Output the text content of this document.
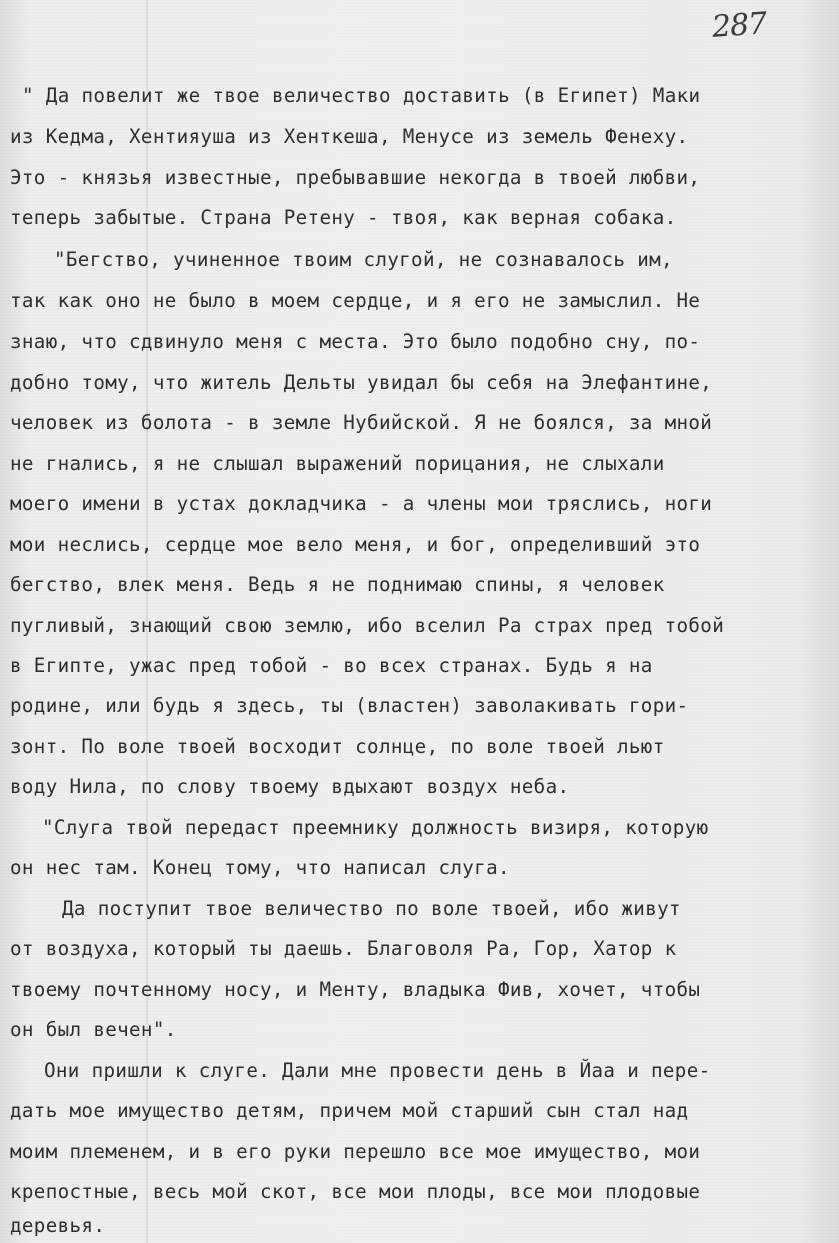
287
" Да повелит же твое величество доставить (в Египет) Маки
из Кедма, Хентияуша из Хенткеша, Менусе из земель Фенеху.
Это - князья известные, пребывавшие некогда в твоей любви,
теперь забытые. Страна Ретену - твоя, как верная собака.
"Бегство, учиненное твоим слугой, не сознавалось им,
так как оно не было в моем сердце, и я его не замыслил. Не
знаю, что сдвинуло меня с места. Это было подобно сну, по-
добно тому, что житель Дельты увидал бы себя на Элефантине,
человек из болота - в земле Нубийской. Я не боялся, за мной
не гнались, я не слышал выражений порицания, не слыхали
моего имени в устах докладчика - а члены мои тряслись, ноги
мои неслись, сердце мое вело меня, и бог, определивший это
бегство, влек меня. Ведь я не поднимаю спины, я человек
пугливый, знающий свою землю, ибо вселил Ра страх пред тобой
в Египте, ужас пред тобой - во всех странах. Будь я на
родине, или будь я здесь, ты (властен) заволакивать гори-
зонт. По воле твоей восходит солнце, по воле твоей льют
воду Нила, по слову твоему вдыхают воздух неба.
"Слуга твой передаст преемнику должность визиря, которую
он нес там. Конец тому, что написал слуга.
Да поступит твое величество по воле твоей, ибо живут
от воздуха, который ты даешь. Благоволя Ра, Гор, Хатор к
твоему почтенному носу, и Менту, владыка Фив, хочет, чтобы
он был вечен".
Они пришли к слуге. Дали мне провести день в Йаа и пере-
дать мое имущество детям, причем мой старший сын стал над
моим племенем, и в его руки перешло все мое имущество, мои
крепостные, весь мой скот, все мои плоды, все мои плодовые
деревья.
